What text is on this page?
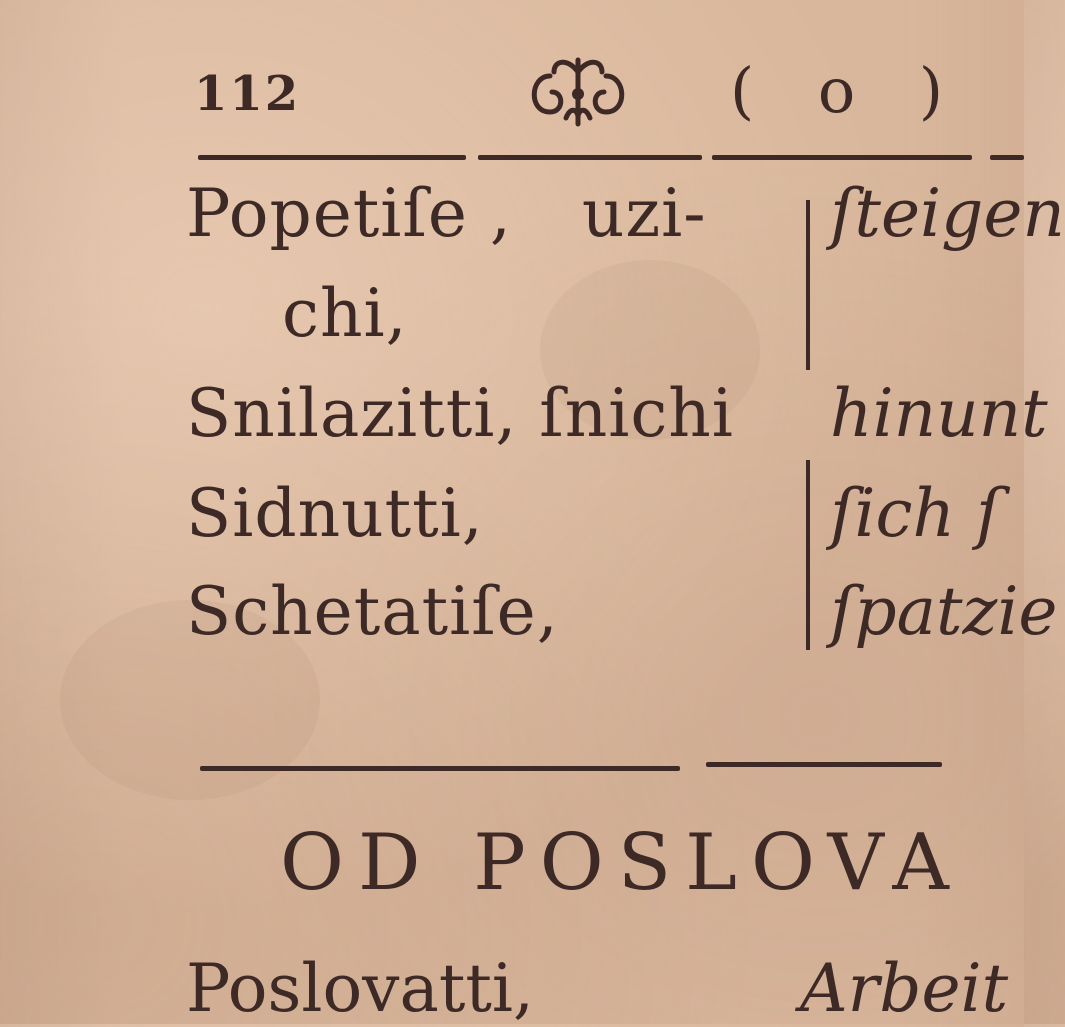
112	( o )
Popetiſe , uzi-
chi,
Snilazitti, ſnichi
Sidnutti,
Schetatiſe,
ſteigen
hinunt
ſich ſ
ſpatzie
OD POSLOVA
Poslovatti,	Arbeit
